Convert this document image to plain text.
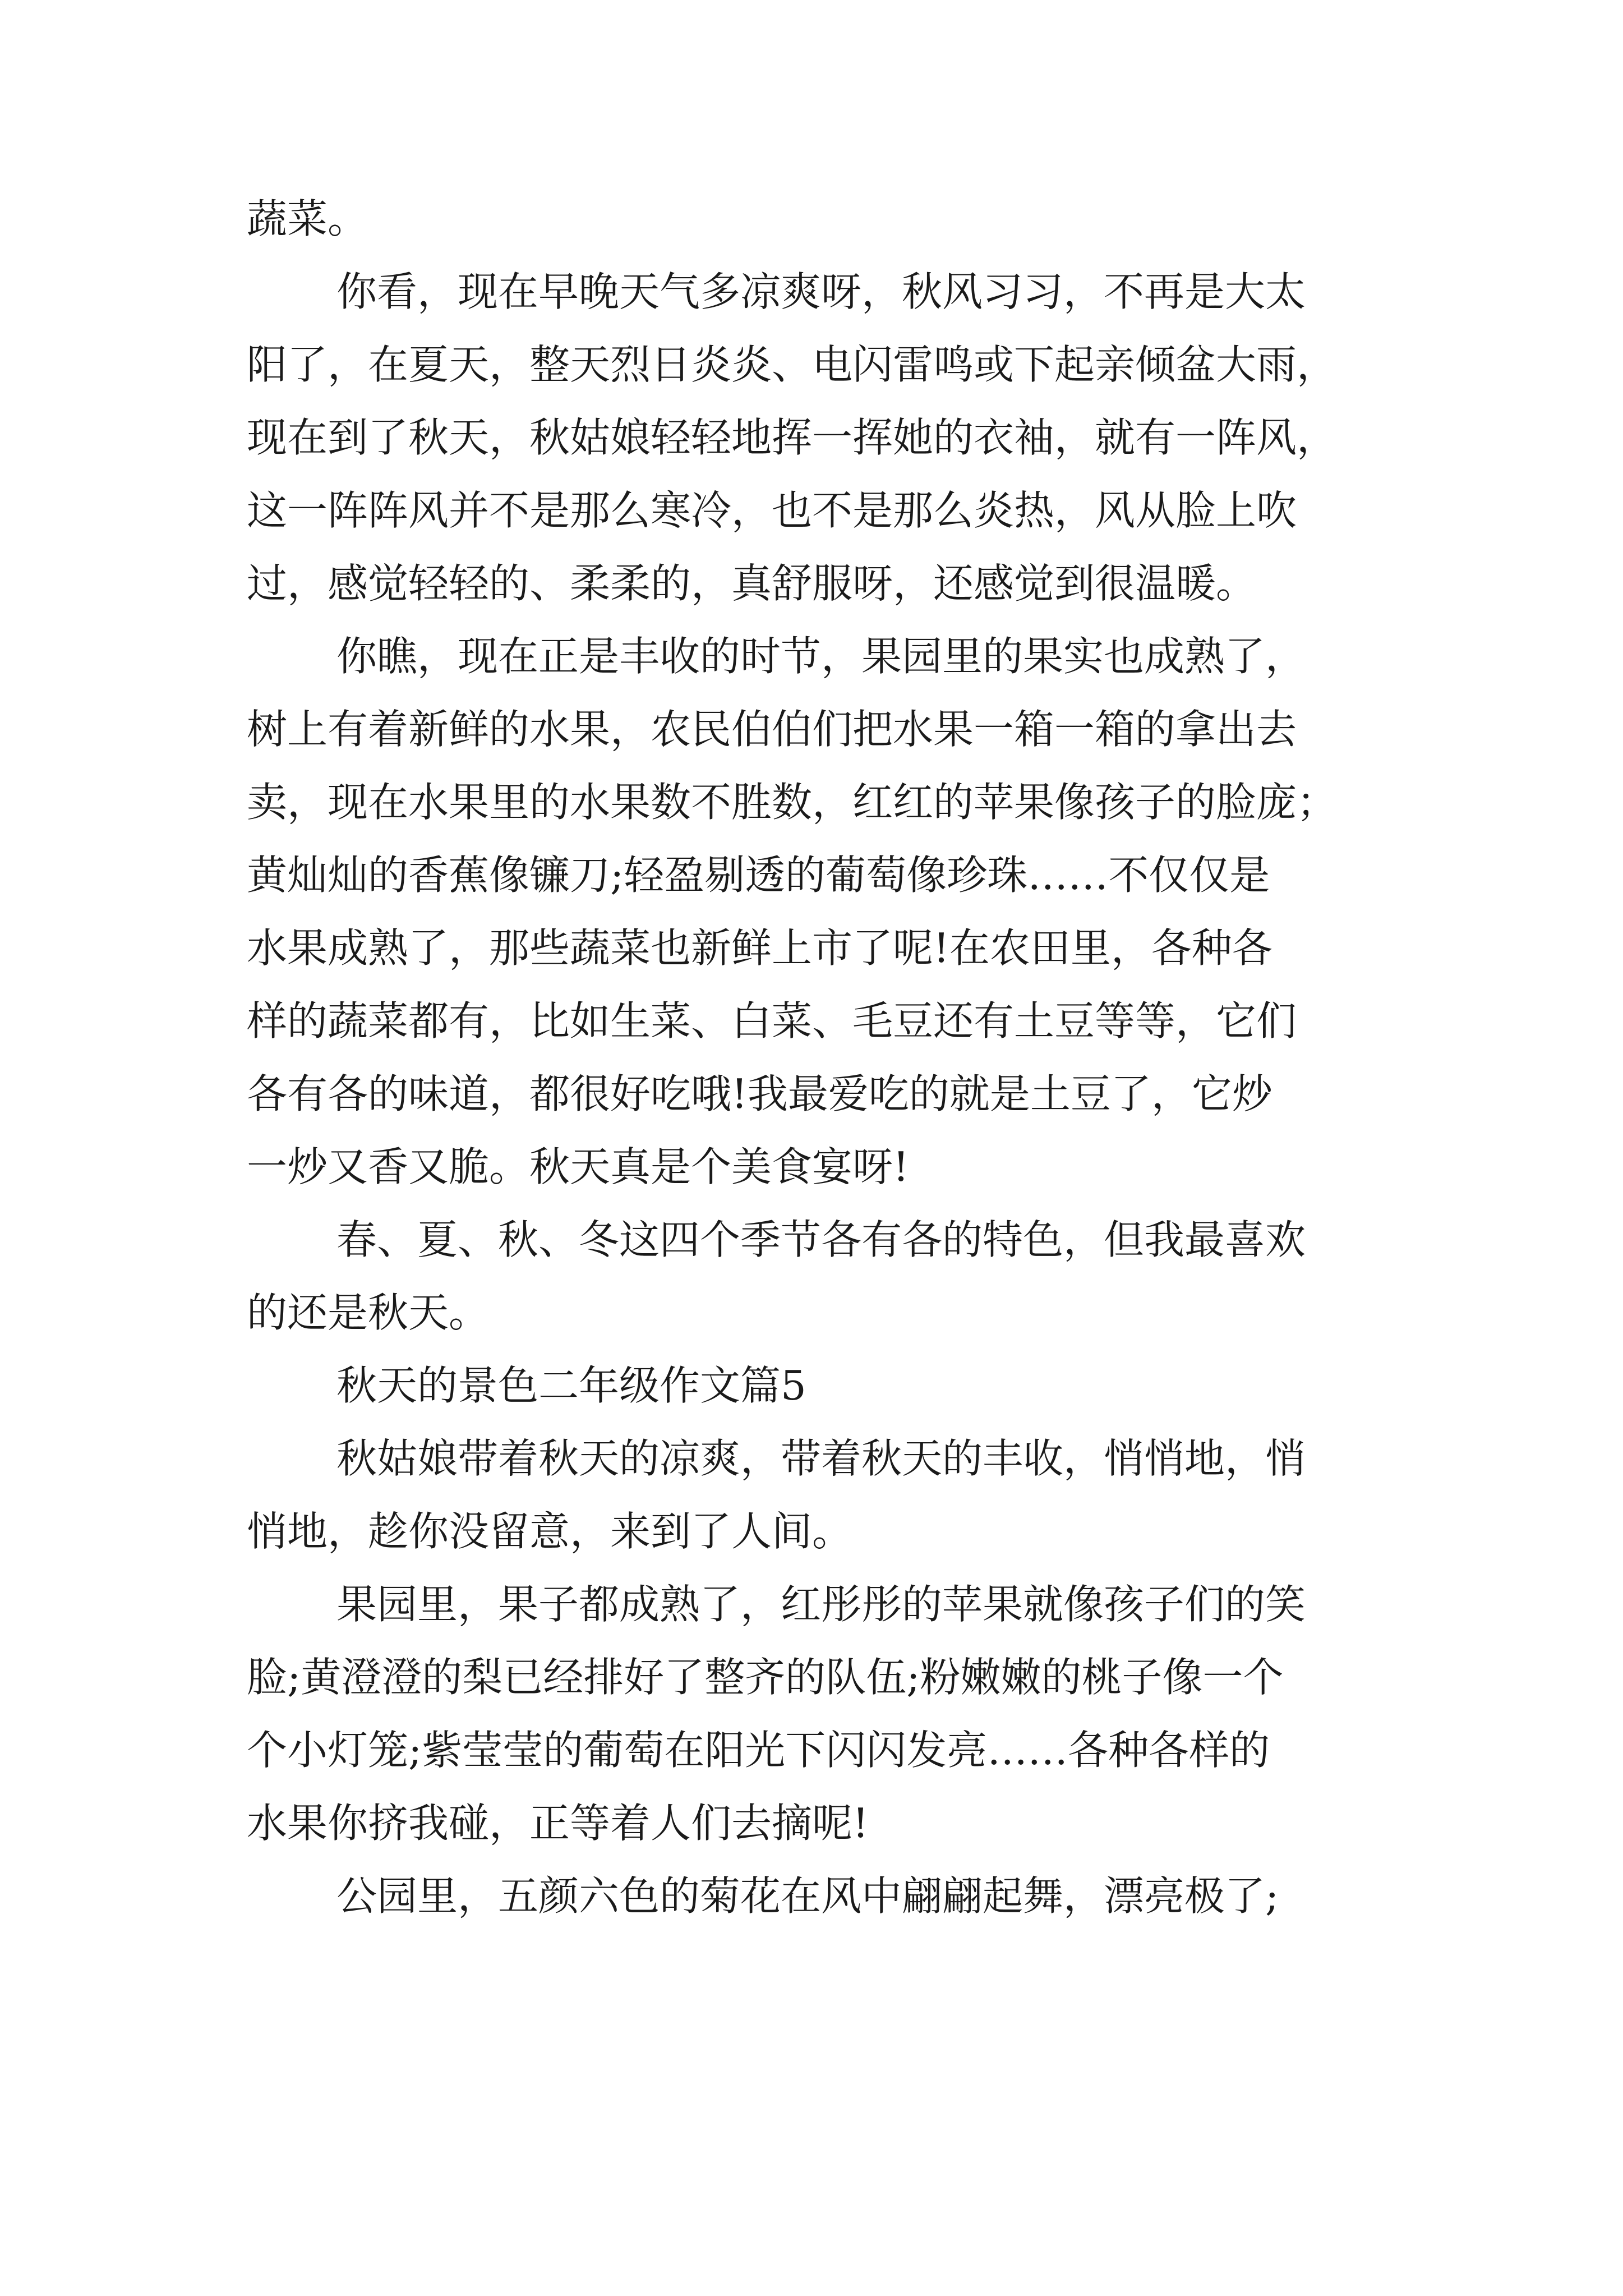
蔬菜。
你看，现在早晚天气多凉爽呀，秋风习习，不再是大太
阳了，在夏天，整天烈日炎炎、电闪雷鸣或下起亲倾盆大雨，
现在到了秋天，秋姑娘轻轻地挥一挥她的衣袖，就有一阵风，
这一阵阵风并不是那么寒冷，也不是那么炎热，风从脸上吹
过，感觉轻轻的、柔柔的，真舒服呀，还感觉到很温暖。
你瞧，现在正是丰收的时节，果园里的果实也成熟了，
树上有着新鲜的水果，农民伯伯们把水果一箱一箱的拿出去
卖，现在水果里的水果数不胜数，红红的苹果像孩子的脸庞；
黄灿灿的香蕉像镰刀;轻盈剔透的葡萄像珍珠……不仅仅是
水果成熟了，那些蔬菜也新鲜上市了呢!在农田里，各种各
样的蔬菜都有，比如生菜、白菜、毛豆还有土豆等等，它们
各有各的味道，都很好吃哦!我最爱吃的就是土豆了，它炒
一炒又香又脆。秋天真是个美食宴呀!
春、夏、秋、冬这四个季节各有各的特色，但我最喜欢
的还是秋天。
秋天的景色二年级作文篇5
秋姑娘带着秋天的凉爽，带着秋天的丰收，悄悄地，悄
悄地，趁你没留意，来到了人间。
果园里，果子都成熟了，红彤彤的苹果就像孩子们的笑
脸;黄澄澄的梨已经排好了整齐的队伍;粉嫩嫩的桃子像一个
个小灯笼;紫莹莹的葡萄在阳光下闪闪发亮……各种各样的
水果你挤我碰，正等着人们去摘呢!
公园里，五颜六色的菊花在风中翩翩起舞，漂亮极了;
